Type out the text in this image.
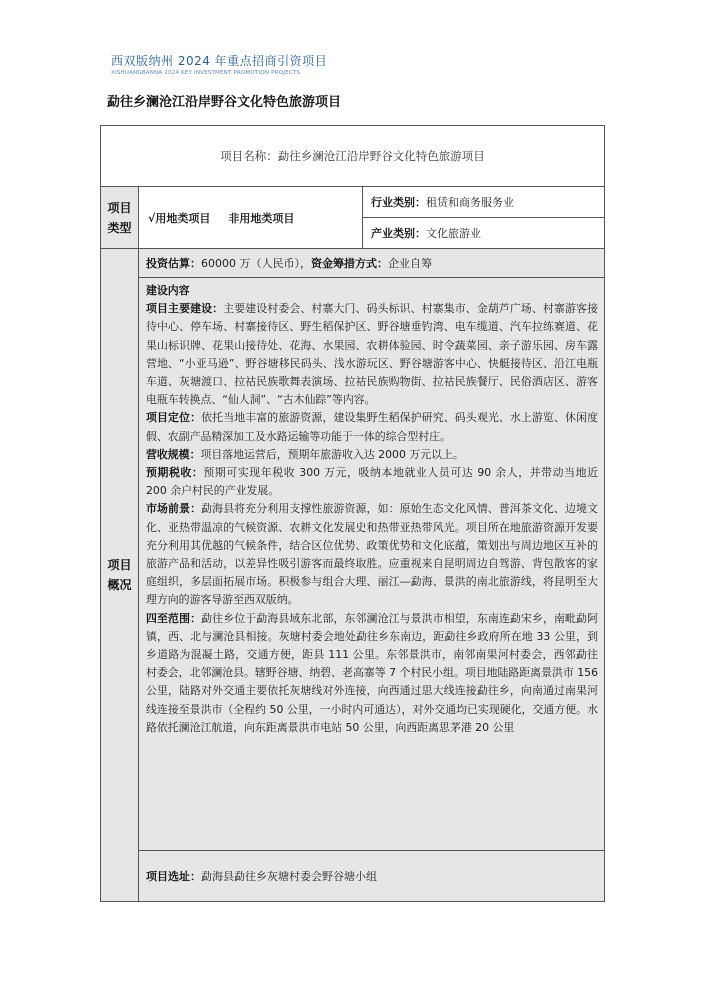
西双版纳州 2024 年重点招商引资项目
XISHUANGBANNA 2024 KEY INVESTMENT PROMOTION PROJECTS
勐往乡澜沧江沿岸野谷文化特色旅游项目
项目名称：勐往乡澜沧江沿岸野谷文化特色旅游项目
项目类型
√用地类项目 非用地类项目
行业类别： 租赁和商务服务业
产业类别： 文化旅游业
项目概况
投资估算： 60000 万（人民币）， 资金筹措方式： 企业自筹

建设内容

项目主要建设：主要建设村委会、村寨大门、码头标识、村寨集市、金葫芦广场、村寨游客接待中心、停车场、村寨接待区、野生稻保护区、野谷塘垂钓湾、电车缆道、汽车拉练赛道、花果山标识牌、花果山接待处、花海、水果园、农耕体验园、时令蔬菜园、亲子游乐园、房车露营地、“小亚马逊”、野谷塘移民码头、浅水游玩区、野谷塘游客中心、快艇接待区、沿江电瓶车道、灰塘渡口、拉祜民族歌舞表演场、拉祜民族购物街、拉祜民族餐厅、民俗酒店区、游客电瓶车转换点、“仙人洞”、“古木仙踪”等内容。

项目定位：依托当地丰富的旅游资源，建设集野生稻保护研究、码头观光、水上游览、休闲度假、农副产品精深加工及水路运输等功能于一体的综合型村庄。

营收规模：项目落地运营后，预期年旅游收入达 2000 万元以上。

预期税收：预期可实现年税收 300 万元，吸纳本地就业人员可达 90 余人，并带动当地近 200 余户村民的产业发展。

市场前景：勐海县将充分利用支撑性旅游资源，如：原始生态文化风情、普洱茶文化、边境文化、亚热带温凉的气候资源、农耕文化发展史和热带亚热带风光。项目所在地旅游资源开发要充分利用其优越的气候条件，结合区位优势、政策优势和文化底蕴，策划出与周边地区互补的旅游产品和活动，以差异性吸引游客而最终取胜。应重视来自昆明周边自驾游、背包散客的家庭组织，多层面拓展市场。积极参与组合大理、丽江—勐海、景洪的南北旅游线，将昆明至大理方向的游客导游至西双版纳。

四至范围：勐往乡位于勐海县域东北部，东邻澜沧江与景洪市相望，东南连勐宋乡，南毗勐阿镇，西、北与澜沧县相接。灰塘村委会地处勐往乡东南边，距勐往乡政府所在地 33 公里，到乡道路为混凝土路，交通方便，距县 111 公里。东邻景洪市，南邻南果河村委会，西邻勐往村委会，北邻澜沧县。辖野谷塘、纳碧、老高寨等 7 个村民小组。项目地陆路距离景洪市 156 公里，陆路对外交通主要依托灰塘线对外连接，向西通过思大线连接勐往乡，向南通过南果河线连接至景洪市（全程约 50 公里，一小时内可通达），对外交通均已实现硬化，交通方便。水路依托澜沧江航道，向东距离景洪市电站 50 公里，向西距离思茅港 20 公里

项目选址： 勐海县勐往乡灰塘村委会野谷塘小组
